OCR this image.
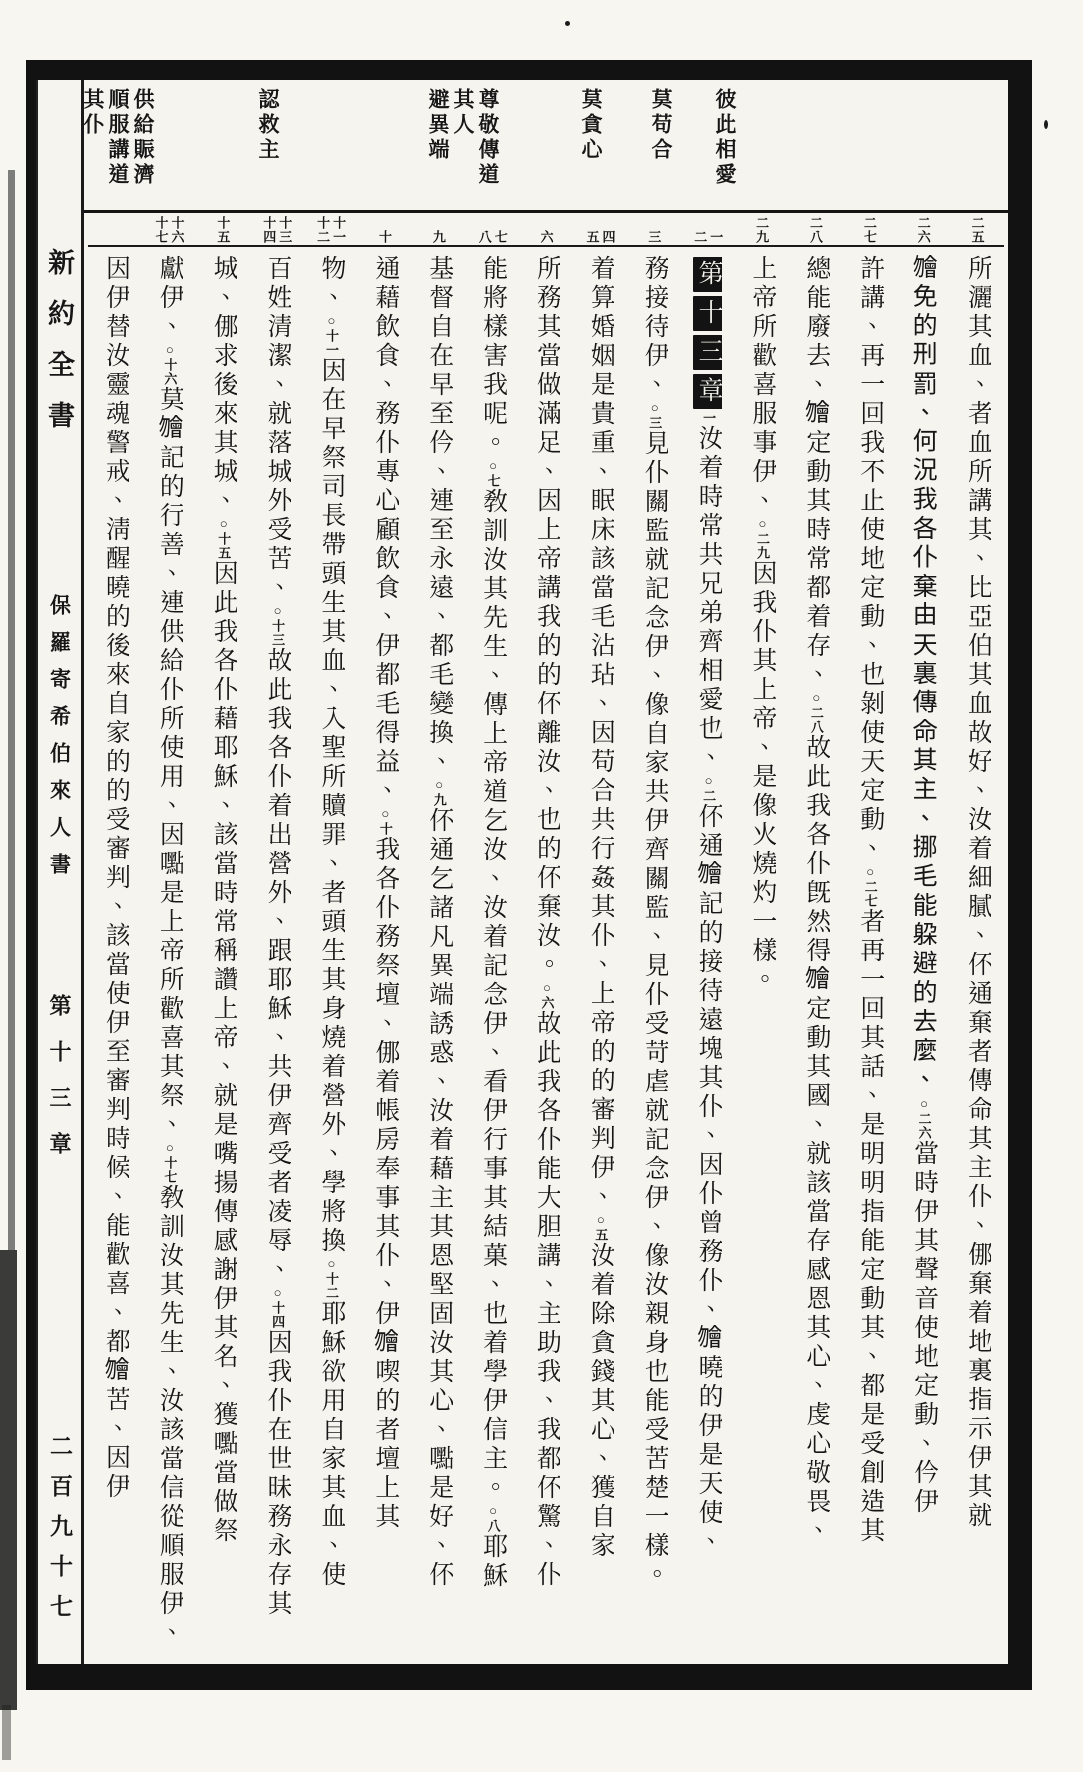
新約全書
保羅寄希伯來人書
第十三章
二百九十七
彼此相愛
莫苟合
莫貪心
尊敬傳道
其人
避異端
認救主
供給賑濟
順服講道
其仆
二五
所灑其血、者血所講其、比亞伯其血故好、汝着細膩、伓通棄者傳命其主仆、㑚棄着地裏指示伊其就
二六
𣍐免的刑罰、何況我各仆棄由天裏傳命其主、挪毛能躱避的去麼、○二六當時伊其聲音使地定動、仱伊
二七
許講、再一回我不止使地定動、也剝使天定動、○二七者再一回其話、是明明指能定動其、都是受創造其
二八
總能廢去、𣍐定動其時常都着存、○二八故此我各仆旣然得𣍐定動其國、就該當存感恩其心、虔心敬畏、
二九
上帝所歡喜服事伊、○二九因我仆其上帝、是像火燒灼一樣。
一
二
第十三章一汝着時常共兄弟齊相愛也、○二伓通𣍐記的接待遠塊其仆、因仆曾務仆、𣍐曉的伊是天使、
三
務接待伊、○三見仆關監就記念伊、像自家共伊齊關監、見仆受苛虐就記念伊、像汝親身也能受苦楚一樣。
四
五
着算婚姻是貴重、眠床該當毛沾玷、因苟合共行姦其仆、上帝的的審判伊、○五汝着除貪錢其心、獲自家
六
所務其當做滿足、因上帝講我的的伓離汝、也的伓棄汝。○六故此我各仆能大胆講、主助我、我都伓驚、仆
七
八
能將樣害我呢。○七敎訓汝其先生、傳上帝道乞汝、汝着記念伊、看伊行事其結菓、也着學伊信主。○八耶穌
九
基督自在早至仱、連至永遠、都毛變換、○九伓通乞諸凡異端誘惑、汝着藉主其恩堅固汝其心、嚸是好、伓
十
通藉飲食、務仆專心顧飲食、伊都毛得益、○十我各仆務祭壇、㑚着帳房奉事其仆、伊𣍐喫的者壇上其
十一
十二
物、○十一因在早祭司長帶頭生其血、入聖所贖罪、者頭生其身燒着營外、學將換○十二耶穌欲用自家其血、使
十三
十四
百姓清潔、就落城外受苦、○十三故此我各仆着出營外、跟耶穌、共伊齊受者凌辱、○十四因我仆在世昧務永存其
十五
城、㑚求後來其城、○十五因此我各仆藉耶穌、該當時常稱讚上帝、就是嘴揚傳感謝伊其名、獲嚸當做祭
十六
十七
獻伊、○十六莫𣍐記的行善、連供給仆所使用、因嚸是上帝所歡喜其祭、○十七敎訓汝其先生、汝該當信從順服伊、
因伊替汝靈魂警戒、淸醒曉的後來自家的的受審判、該當使伊至審判時候、能歡喜、都𣍐苦、因伊
